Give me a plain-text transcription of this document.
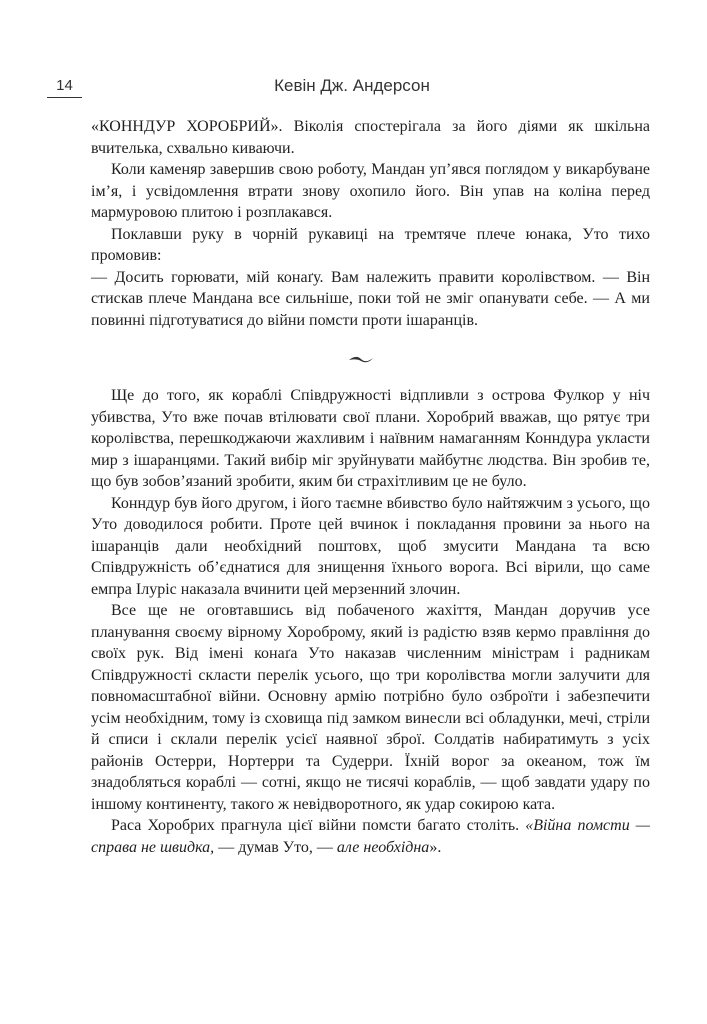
14	Кевін Дж. Андерсон

«КОННДУР ХОРОБРИЙ». Віколія спостерігала за його діями як шкільна вчителька, схвально киваючи.

Коли каменяр завершив свою роботу, Мандан уп’явся поглядом у викарбуване ім’я, і усвідомлення втрати знову охопило його. Він упав на коліна перед мармуровою плитою і розплакався.

Поклавши руку в чорній рукавиці на тремтяче плече юнака, Уто тихо промовив:

— Досить горювати, мій конаґу. Вам належить правити королівством. — Він стискав плече Мандана все сильніше, поки той не зміг опанувати себе. — А ми повинні підготуватися до війни помсти проти ішаранців.

Ще до того, як кораблі Співдружності відпливли з острова Фулкор у ніч убивства, Уто вже почав втілювати свої плани. Хоробрий вважав, що рятує три королівства, перешкоджаючи жахливим і наївним намаганням Конндура укласти мир з ішаранцями. Такий вибір міг зруйнувати майбутнє людства. Він зробив те, що був зобов’язаний зробити, яким би страхітливим це не було.

Конндур був його другом, і його таємне вбивство було найтяжчим з усього, що Уто доводилося робити. Проте цей вчинок і покладання провини за нього на ішаранців дали необхідний поштовх, щоб змусити Мандана та всю Співдружність об’єднатися для знищення їхнього ворога. Всі вірили, що саме емпра Ілуріс наказала вчинити цей мерзенний злочин.

Все ще не оговтавшись від побаченого жахіття, Мандан доручив усе планування своєму вірному Хороброму, який із радістю взяв кермо правління до своїх рук. Від імені конаґа Уто наказав численним міністрам і радникам Співдружності скласти перелік усього, що три королівства могли залучити для повномасштабної війни. Основну армію потрібно було озброїти і забезпечити усім необхідним, тому із сховища під замком винесли всі обладунки, мечі, стріли й списи і склали перелік усієї наявної зброї. Солдатів набиратимуть з усіх районів Остерри, Нортерри та Судерри. Їхній ворог за океаном, тож їм знадобляться кораблі — сотні, якщо не тисячі кораблів, — щоб завдати удару по іншому континенту, такого ж невідворотного, як удар сокирою ката.

Раса Хоробрих прагнула цієї війни помсти багато століть. «Війна помсти — справа не швидка, — думав Уто, — але необхідна».
